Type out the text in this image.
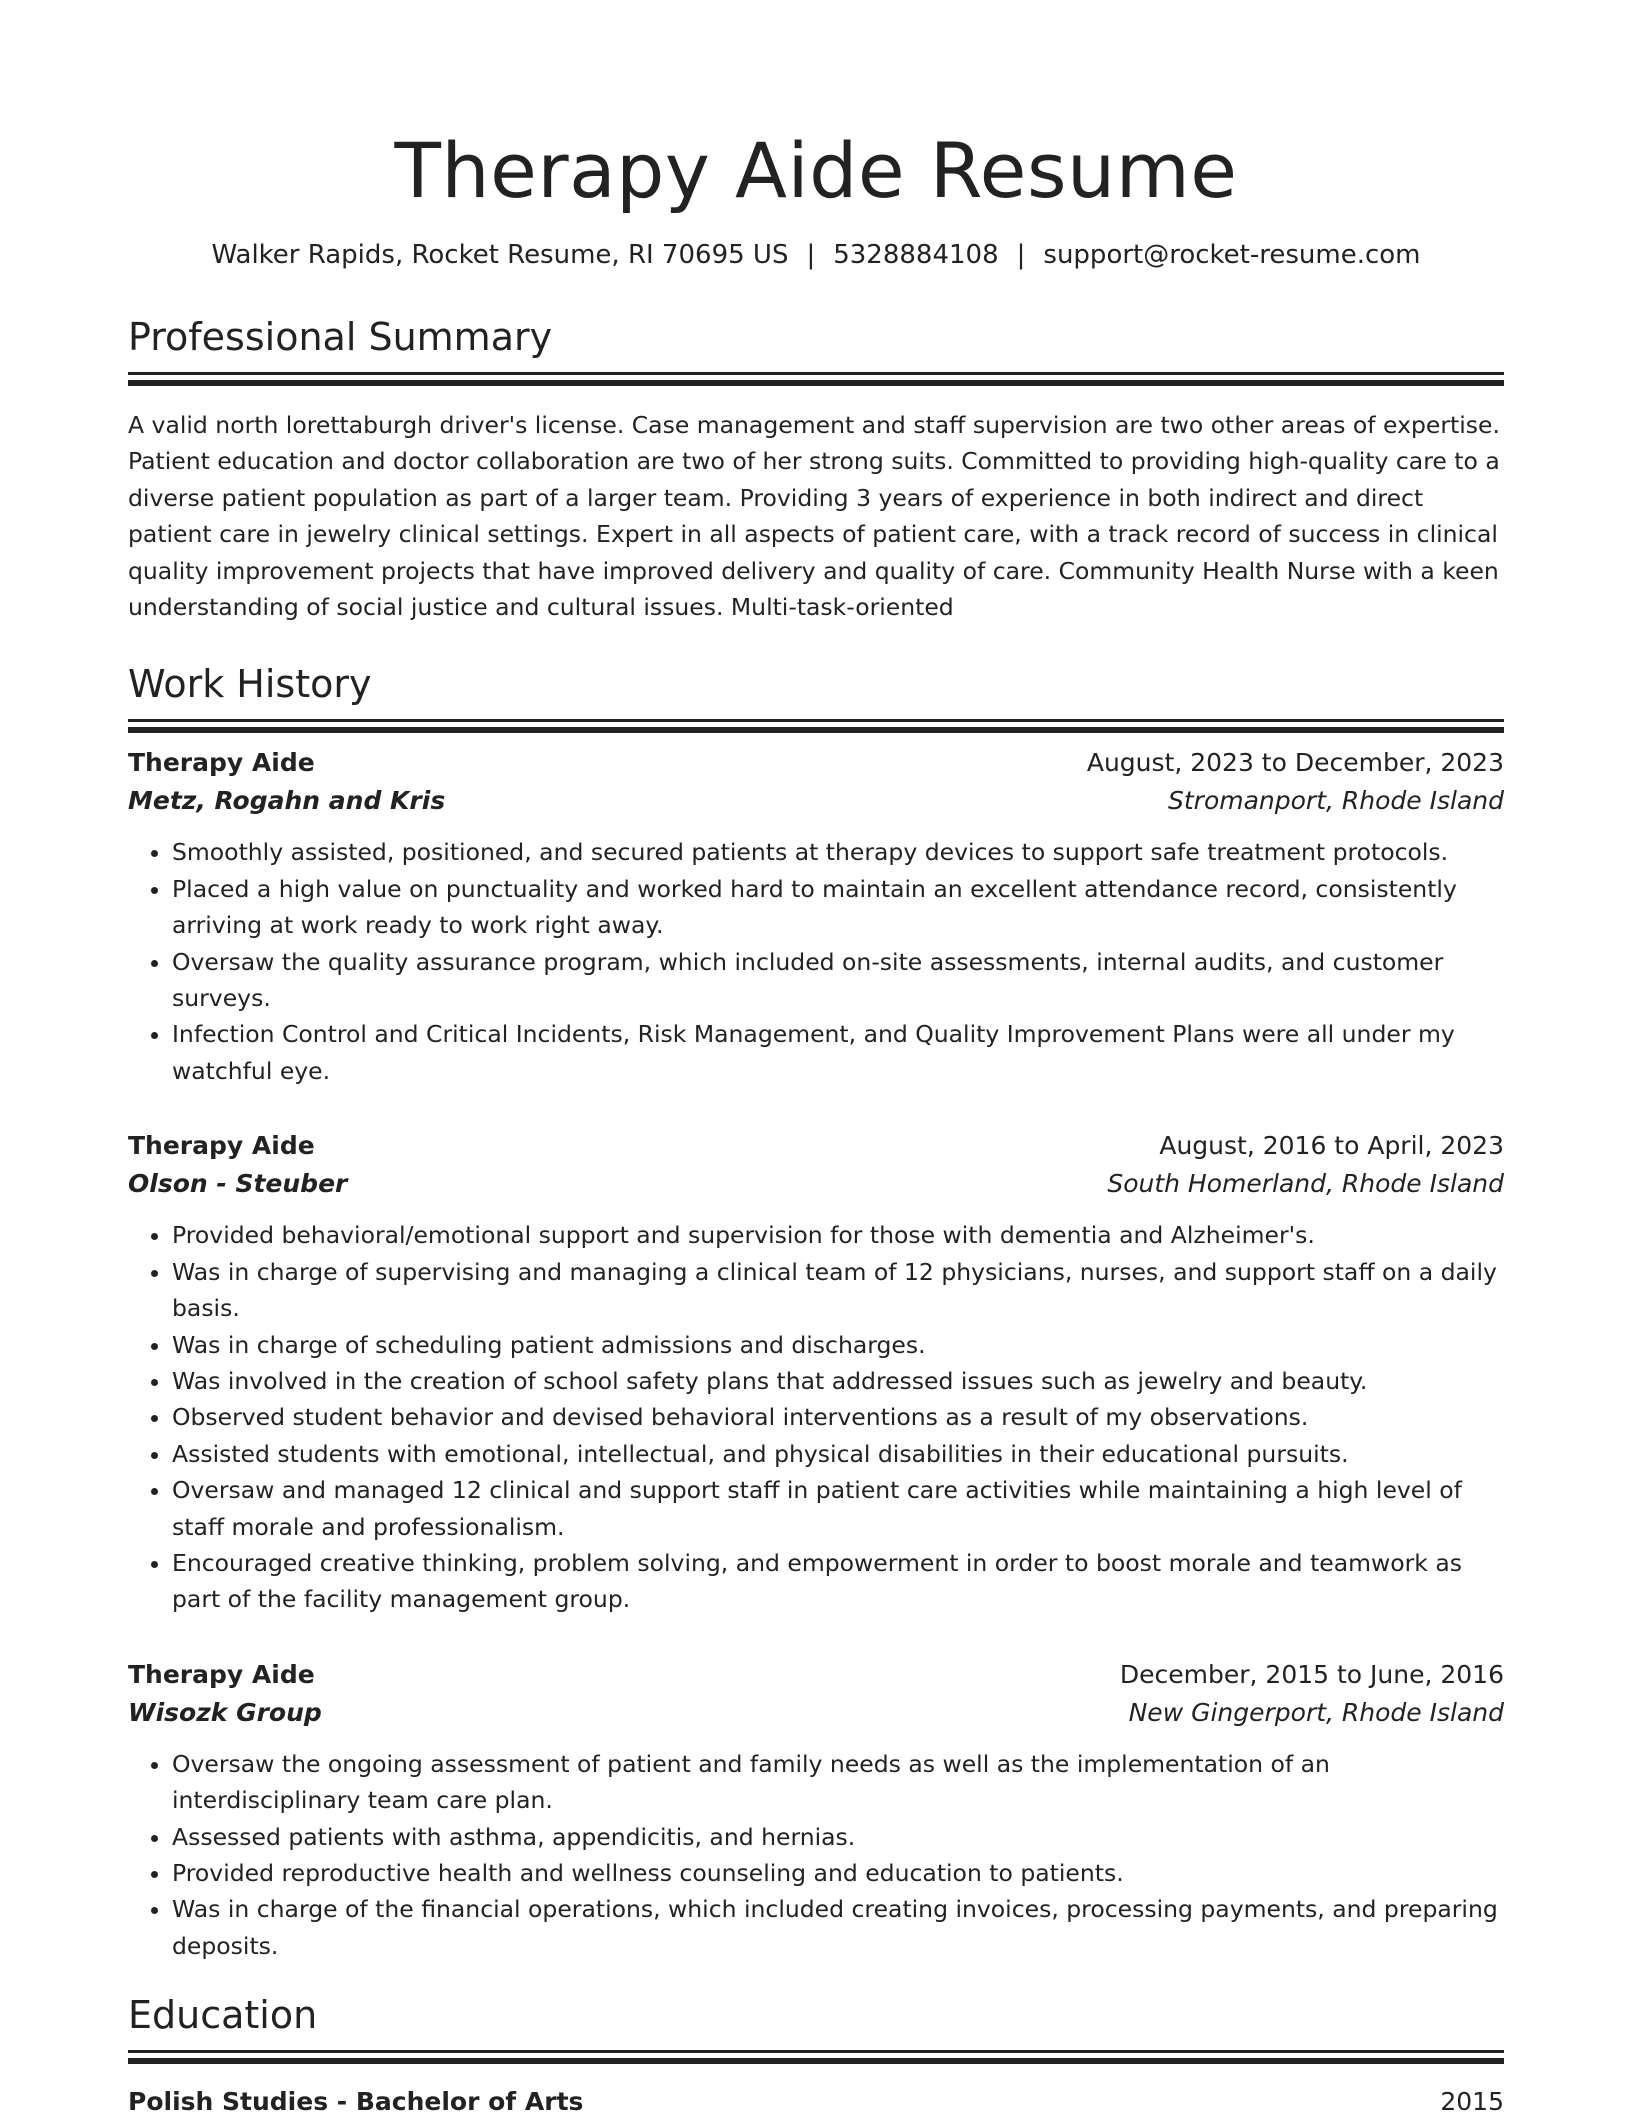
Therapy Aide Resume
Walker Rapids, Rocket Resume, RI 70695 US | 5328884108 | support@rocket-resume.com
Professional Summary

A valid north lorettaburgh driver's license. Case management and staff supervision are two other areas of expertise. Patient education and doctor collaboration are two of her strong suits. Committed to providing high-quality care to a diverse patient population as part of a larger team. Providing 3 years of experience in both indirect and direct patient care in jewelry clinical settings. Expert in all aspects of patient care, with a track record of success in clinical quality improvement projects that have improved delivery and quality of care. Community Health Nurse with a keen understanding of social justice and cultural issues. Multi-task-oriented

Work History
Therapy Aide	August, 2023 to December, 2023
Metz, Rogahn and Kris	Stromanport, Rhode Island
• Smoothly assisted, positioned, and secured patients at therapy devices to support safe treatment protocols.
• Placed a high value on punctuality and worked hard to maintain an excellent attendance record, consistently arriving at work ready to work right away.
• Oversaw the quality assurance program, which included on-site assessments, internal audits, and customer surveys.
• Infection Control and Critical Incidents, Risk Management, and Quality Improvement Plans were all under my watchful eye.
Therapy Aide	August, 2016 to April, 2023
Olson - Steuber	South Homerland, Rhode Island
• Provided behavioral/emotional support and supervision for those with dementia and Alzheimer's.
• Was in charge of supervising and managing a clinical team of 12 physicians, nurses, and support staff on a daily basis.
• Was in charge of scheduling patient admissions and discharges.
• Was involved in the creation of school safety plans that addressed issues such as jewelry and beauty.
• Observed student behavior and devised behavioral interventions as a result of my observations.
• Assisted students with emotional, intellectual, and physical disabilities in their educational pursuits.
• Oversaw and managed 12 clinical and support staff in patient care activities while maintaining a high level of staff morale and professionalism.
• Encouraged creative thinking, problem solving, and empowerment in order to boost morale and teamwork as part of the facility management group.
Therapy Aide	December, 2015 to June, 2016
Wisozk Group	New Gingerport, Rhode Island
• Oversaw the ongoing assessment of patient and family needs as well as the implementation of an interdisciplinary team care plan.
• Assessed patients with asthma, appendicitis, and hernias.
• Provided reproductive health and wellness counseling and education to patients.
• Was in charge of the financial operations, which included creating invoices, processing payments, and preparing deposits.
Education
Polish Studies - Bachelor of Arts	2015
